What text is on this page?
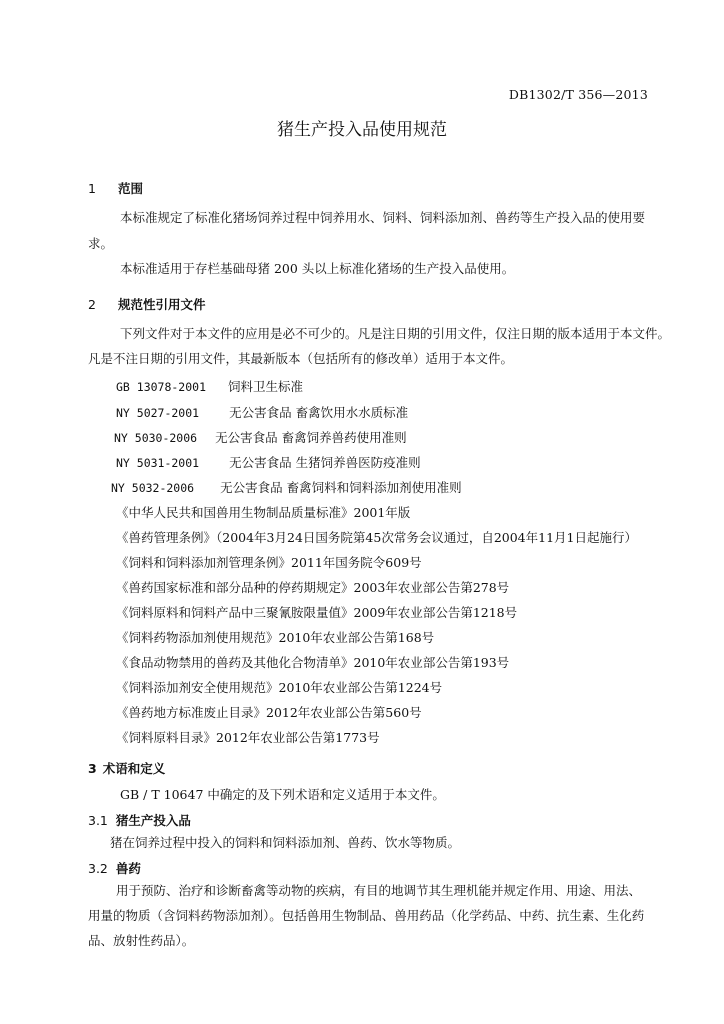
DB1302/T 356—2013
猪生产投入品使用规范
1 范围
本标准规定了标准化猪场饲养过程中饲养用水、饲料、饲料添加剂、兽药等生产投入品的使用要
求。
本标准适用于存栏基础母猪 200 头以上标准化猪场的生产投入品使用。
2 规范性引用文件
下列文件对于本文件的应用是必不可少的。凡是注日期的引用文件，仅注日期的版本适用于本文件。
凡是不注日期的引用文件，其最新版本（包括所有的修改单）适用于本文件。
GB 13078-2001 饲料卫生标准
NY 5027-2001 无公害食品 畜禽饮用水水质标准
NY 5030-2006 无公害食品 畜禽饲养兽药使用准则
NY 5031-2001 无公害食品 生猪饲养兽医防疫准则
NY 5032-2006 无公害食品 畜禽饲料和饲料添加剂使用准则
《中华人民共和国兽用生物制品质量标准》2001年版
《兽药管理条例》（2004年3月24日国务院第45次常务会议通过，自2004年11月1日起施行）
《饲料和饲料添加剂管理条例》2011年国务院令609号
《兽药国家标准和部分品种的停药期规定》2003年农业部公告第278号
《饲料原料和饲料产品中三聚氰胺限量值》2009年农业部公告第1218号
《饲料药物添加剂使用规范》2010年农业部公告第168号
《食品动物禁用的兽药及其他化合物清单》2010年农业部公告第193号
《饲料添加剂安全使用规范》2010年农业部公告第1224号
《兽药地方标准废止目录》2012年农业部公告第560号
《饲料原料目录》2012年农业部公告第1773号
3 术语和定义
GB / T 10647 中确定的及下列术语和定义适用于本文件。
3.1 猪生产投入品
猪在饲养过程中投入的饲料和饲料添加剂、兽药、饮水等物质。
3.2 兽药
用于预防、治疗和诊断畜禽等动物的疾病，有目的地调节其生理机能并规定作用、用途、用法、
用量的物质（含饲料药物添加剂）。包括兽用生物制品、兽用药品（化学药品、中药、抗生素、生化药
品、放射性药品）。
